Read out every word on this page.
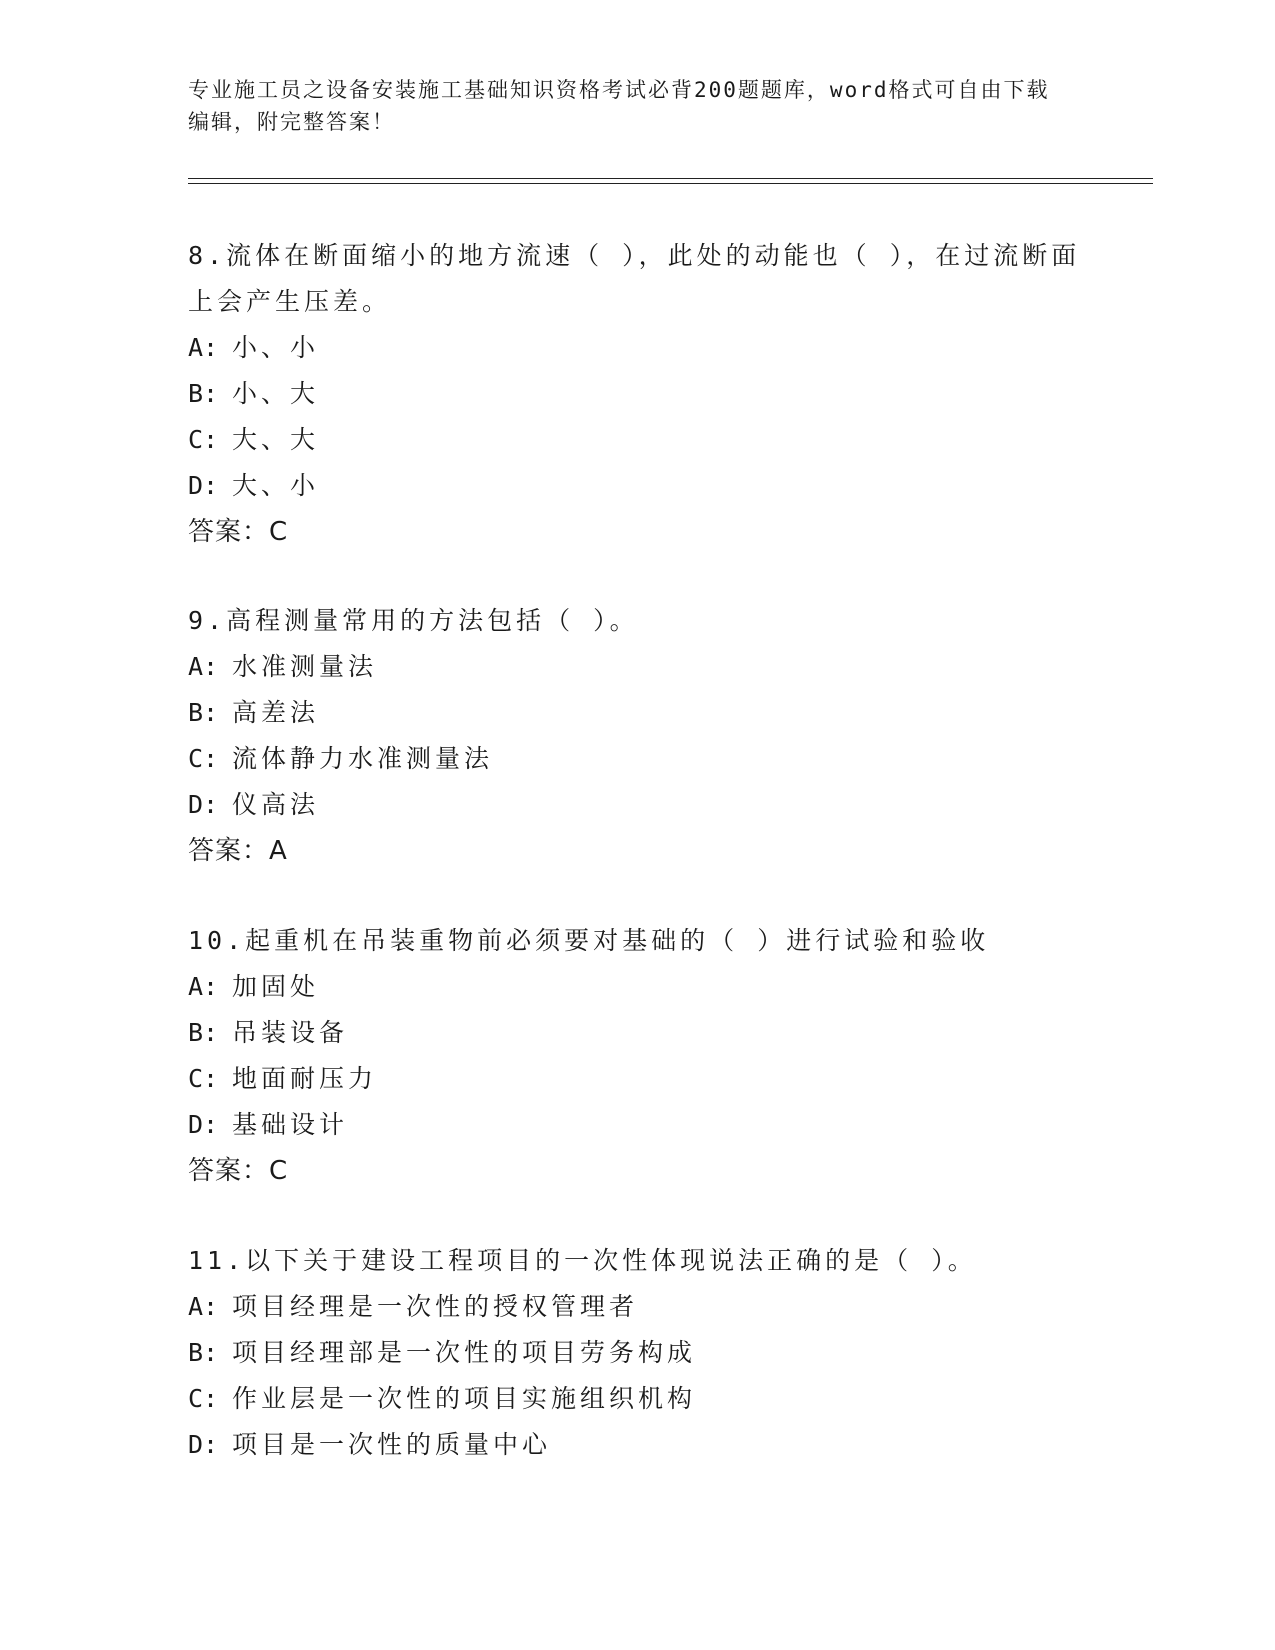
专业施工员之设备安装施工基础知识资格考试必背200题题库，word格式可自由下载编辑，附完整答案！

8.流体在断面缩小的地方流速（ ），此处的动能也（ ），在过流断面上会产生压差。

A: 小、小

B: 小、大

C: 大、大

D: 大、小

答案：C

9.高程测量常用的方法包括（ ）。

A: 水准测量法

B: 高差法

C: 流体静力水准测量法

D: 仪高法

答案：A

10.起重机在吊装重物前必须要对基础的（ ）进行试验和验收

A: 加固处

B: 吊装设备

C: 地面耐压力

D: 基础设计

答案：C

11.以下关于建设工程项目的一次性体现说法正确的是（ ）。

A: 项目经理是一次性的授权管理者

B: 项目经理部是一次性的项目劳务构成

C: 作业层是一次性的项目实施组织机构

D: 项目是一次性的质量中心
